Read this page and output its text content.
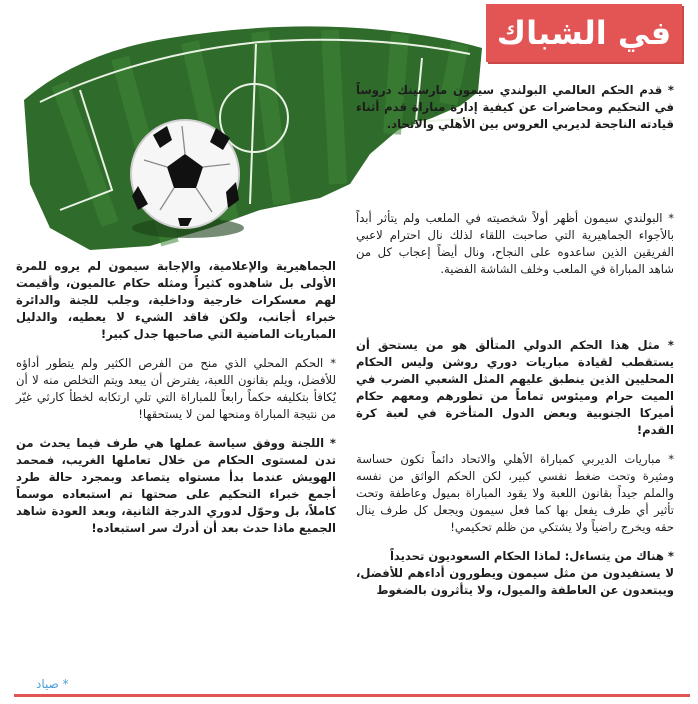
في الشباك

* قدم الحكم العالمي البولندي سيمون مارسينك دروساً في التحكيم ومحاضرات عن كيفية إدارة مباراة قدم أثناء قيادته الناجحة لديربي العروس بين الأهلي والاتحاد.

* البولندي سيمون أظهر أولاً شخصيته في الملعب ولم يتأثر أبداً بالأجواء الجماهيرية التي صاحبت اللقاء لذلك نال احترام لاعبي الفريقين الذين ساعدوه على النجاح، ونال أيضاً إعجاب كل من شاهد المباراة في الملعب وخلف الشاشة الفضية.

* مثل هذا الحكم الدولي المتألق هو من يستحق أن يستقطب لقيادة مباريات دوري روشن وليس الحكام المحليين الذين ينطبق عليهم المثل الشعبي الضرب في الميت حرام وميئوس تماماً من تطورهم ومعهم حكام أميركا الجنوبية وبعض الدول المتأخرة في لعبة كرة القدم!

* مباريات الديربي كمباراة الأهلي والاتحاد دائماً تكون حساسة ومثيرة وتحت ضغط نفسي كبير، لكن الحكم الواثق من نفسه والملم جيداً بقانون اللعبة ولا يقود المباراة بميول وعاطفة وتحت تأثير أي طرف يفعل بها كما فعل سيمون ويجعل كل طرف ينال حقه ويخرج راضياً ولا يشتكي من ظلم تحكيمي!

* هناك من يتساءل: لماذا الحكام السعوديون تحديداً

لا يستفيدون من مثل سيمون ويطورون أداءهم للأفضل، ويبتعدون عن العاطفة والميول، ولا يتأثرون بالضغوط

الجماهيرية والإعلامية، والإجابة سيمون لم يروه للمرة الأولى بل شاهدوه كثيراً ومثله حكام عالميون، وأقيمت لهم معسكرات خارجية وداخلية، وجلب للجنة والدائرة خبراء أجانب، ولكن فاقد الشيء لا يعطيه، والدليل المباريات الماضية التي صاحبها جدل كبير!

* الحكم المحلي الذي منح من الفرص الكثير ولم يتطور أداؤه للأفضل، ويلم بقانون اللعبة، يفترض أن يبعد ويتم التخلص منه لا أن يُكافأ بتكليفه حكماً رابعاً للمباراة التي تلي ارتكابه لخطأ كارثي غيّر من نتيجة المباراة ومنحها لمن لا يستحقها!

* اللجنة ووفق سياسة عملها هي طرف فيما يحدث من تدن لمستوى الحكام من خلال تعاملها الغريب، فمحمد الهويش عندما بدأ مستواه يتصاعد وبمجرد حالة طرد أجمع خبراء التحكيم على صحتها تم استبعاده موسماً كاملاً، بل وحوّل لدوري الدرجة الثانية، وبعد العودة شاهد الجميع ماذا حدث بعد أن أدرك سر استبعاده!

* صياد
